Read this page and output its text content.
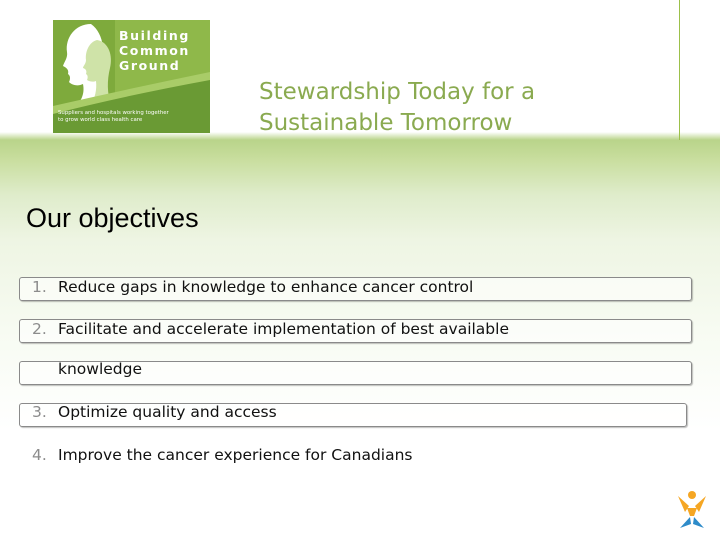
Building
Common
Ground
Suppliers and hospitals working together
to grow world class health care
Stewardship Today for a
Sustainable Tomorrow
Our objectives
1. Reduce gaps in knowledge to enhance cancer control
2. Facilitate and accelerate implementation of best available
knowledge
3. Optimize quality and access
4. Improve the cancer experience for Canadians
